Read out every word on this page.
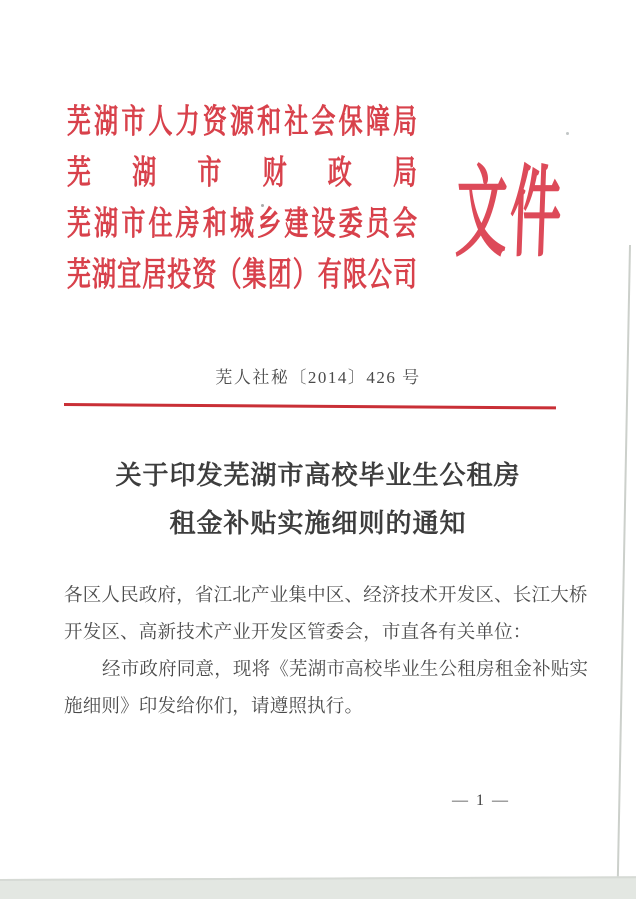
芜湖市人力资源和社会保障局
芜湖市财政局
芜湖市住房和城乡建设委员会
芜湖宜居投资（集团）有限公司
文件
芜人社秘〔2014〕426 号
关于印发芜湖市高校毕业生公租房
租金补贴实施细则的通知
各区人民政府，省江北产业集中区、经济技术开发区、长江大桥
开发区、高新技术产业开发区管委会，市直各有关单位：
经市政府同意，现将《芜湖市高校毕业生公租房租金补贴实
施细则》印发给你们，请遵照执行。
— 1 —
